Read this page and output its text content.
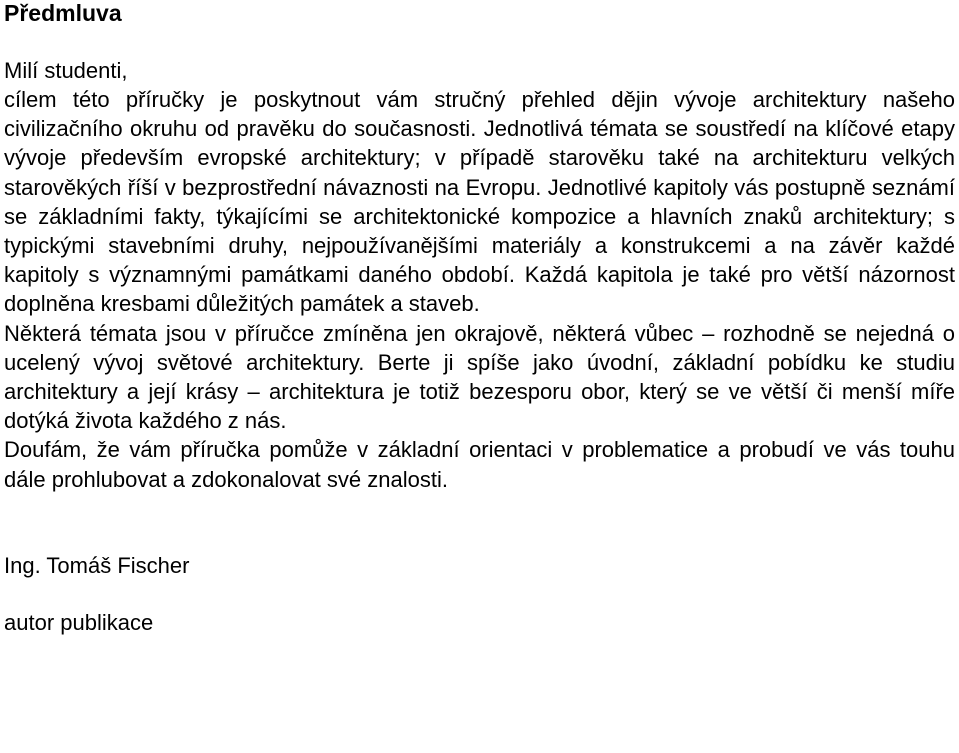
Předmluva
Milí studenti,

cílem této příručky je poskytnout vám stručný přehled dějin vývoje architektury našeho civilizačního okruhu od pravěku do současnosti. Jednotlivá témata se soustředí na klíčové etapy vývoje především evropské architektury; v případě starověku také na architekturu velkých starověkých říší v bezprostřední návaznosti na Evropu. Jednotlivé kapitoly vás postupně seznámí se základními fakty, týkajícími se architektonické kompozice a hlavních znaků architektury; s typickými stavebními druhy, nejpoužívanějšími materiály a konstrukcemi a na závěr každé kapitoly s významnými památkami daného období. Každá kapitola je také pro větší názornost doplněna kresbami důležitých památek a staveb.

Některá témata jsou v příručce zmíněna jen okrajově, některá vůbec – rozhodně se nejedná o ucelený vývoj světové architektury. Berte ji spíše jako úvodní, základní pobídku ke studiu architektury a její krásy – architektura je totiž bezesporu obor, který se ve větší či menší míře dotýká života každého z nás.

Doufám, že vám příručka pomůže v základní orientaci v problematice a probudí ve vás touhu dále prohlubovat a zdokonalovat své znalosti.

Ing. Tomáš Fischer
autor publikace
